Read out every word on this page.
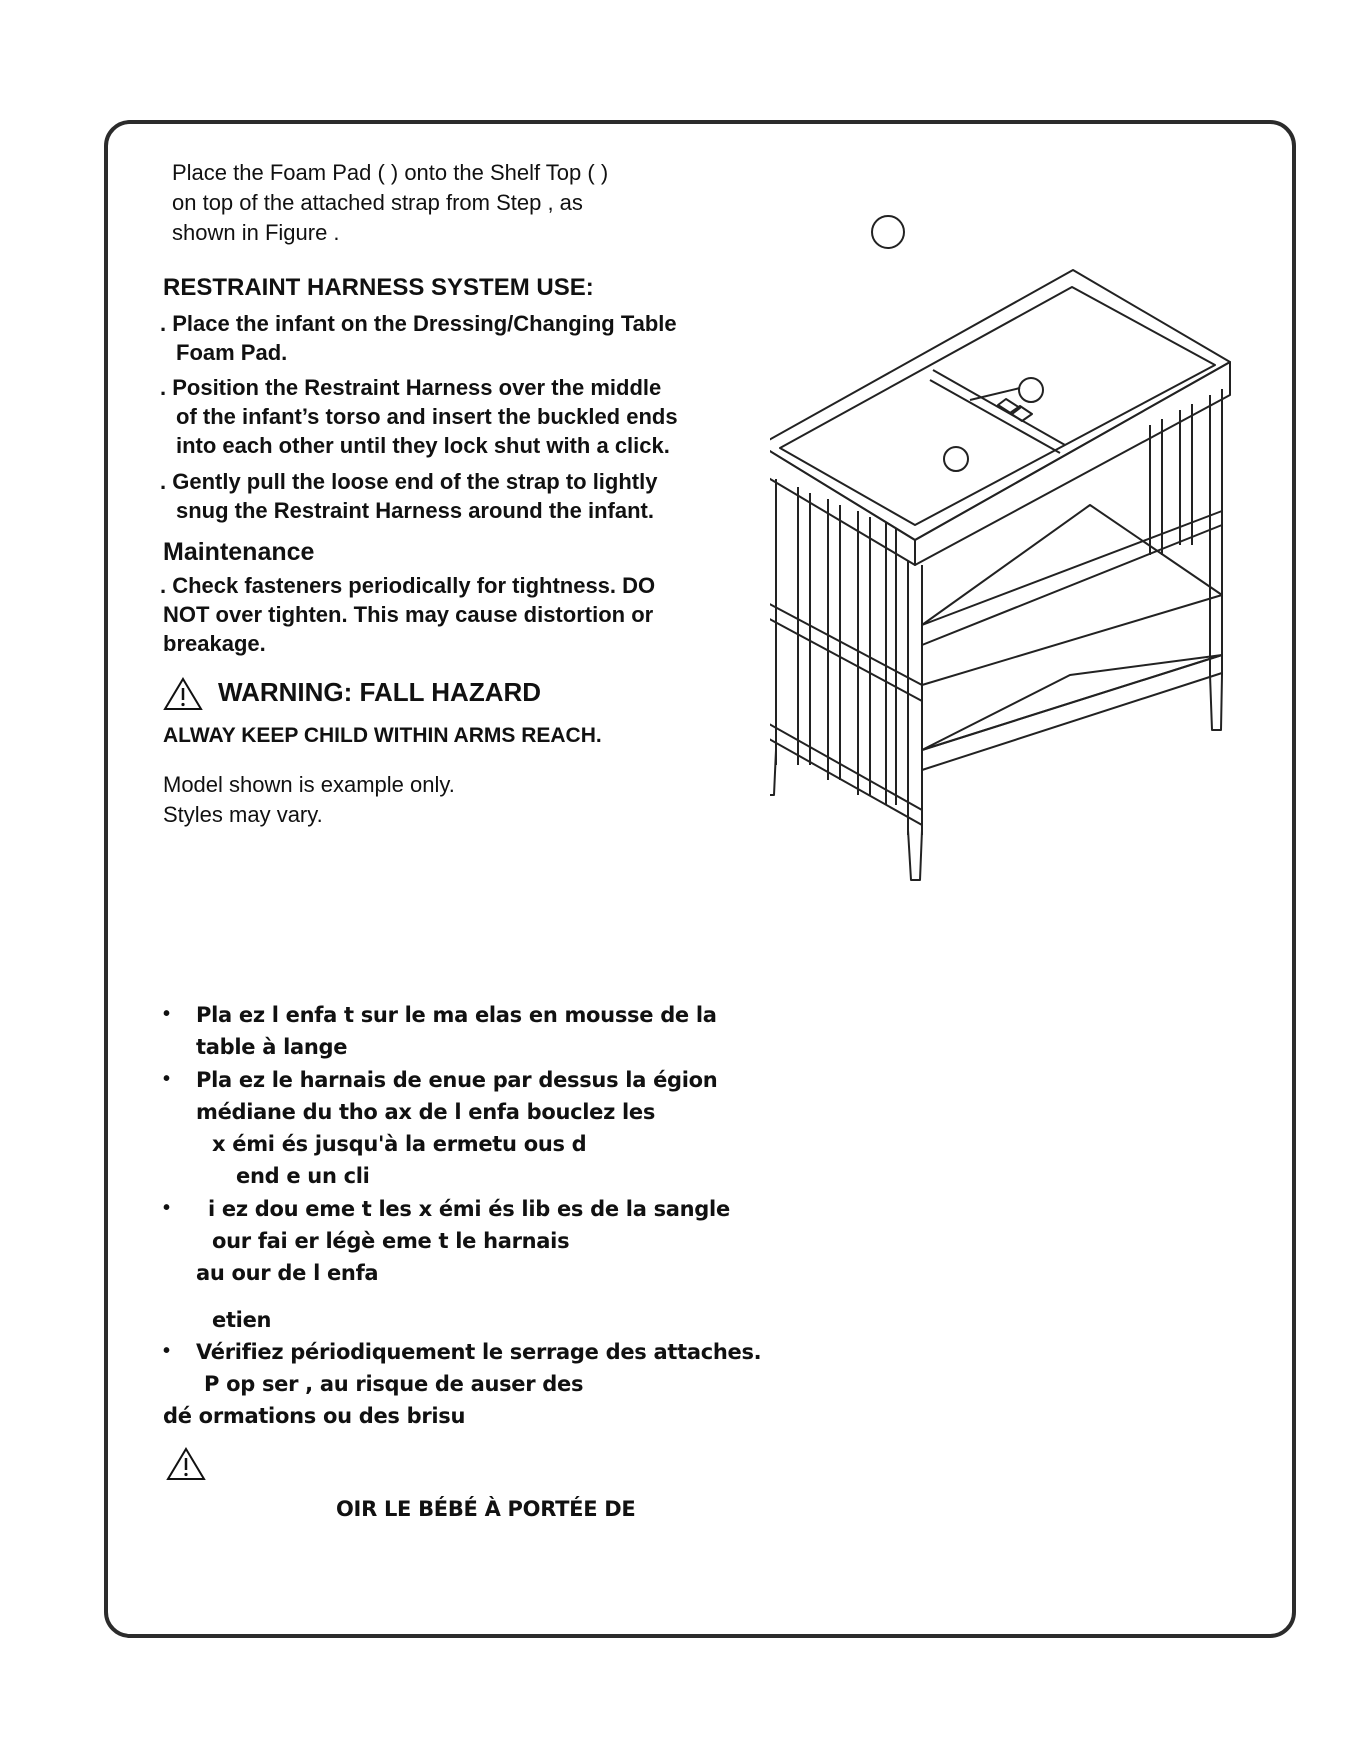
Place the Foam Pad ( ) onto the Shelf Top ( )
on top of the attached strap from Step , as
shown in Figure .
RESTRAINT HARNESS SYSTEM USE:
. Place the infant on the Dressing/Changing Table
Foam Pad.
. Position the Restraint Harness over the middle
of the infant’s torso and insert the buckled ends
into each other until they lock shut with a click.
. Gently pull the loose end of the strap to lightly
snug the Restraint Harness around the infant.
Maintenance
. Check fasteners periodically for tightness. DO
NOT over tighten. This may cause distortion or
breakage.
WARNING: FALL HAZARD
ALWAY KEEP CHILD WITHIN ARMS REACH.
Model shown is example only.
Styles may vary.
• Pla ez l enfa t sur le ma elas en mousse de la
table à lange
• Pla ez le harnais de enue par dessus la égion
médiane du tho ax de l enfa bouclez les
x émi és jusqu'à la ermetu ous d
end e un cli
• i ez dou eme t les x émi és lib es de la sangle
our fai er légè eme t le harnais
au our de l enfa
etien
• Vérifiez périodiquement le serrage des attaches.
P op ser , au risque de auser des
dé ormations ou des brisu
OIR LE BÉBÉ À PORTÉE DE
